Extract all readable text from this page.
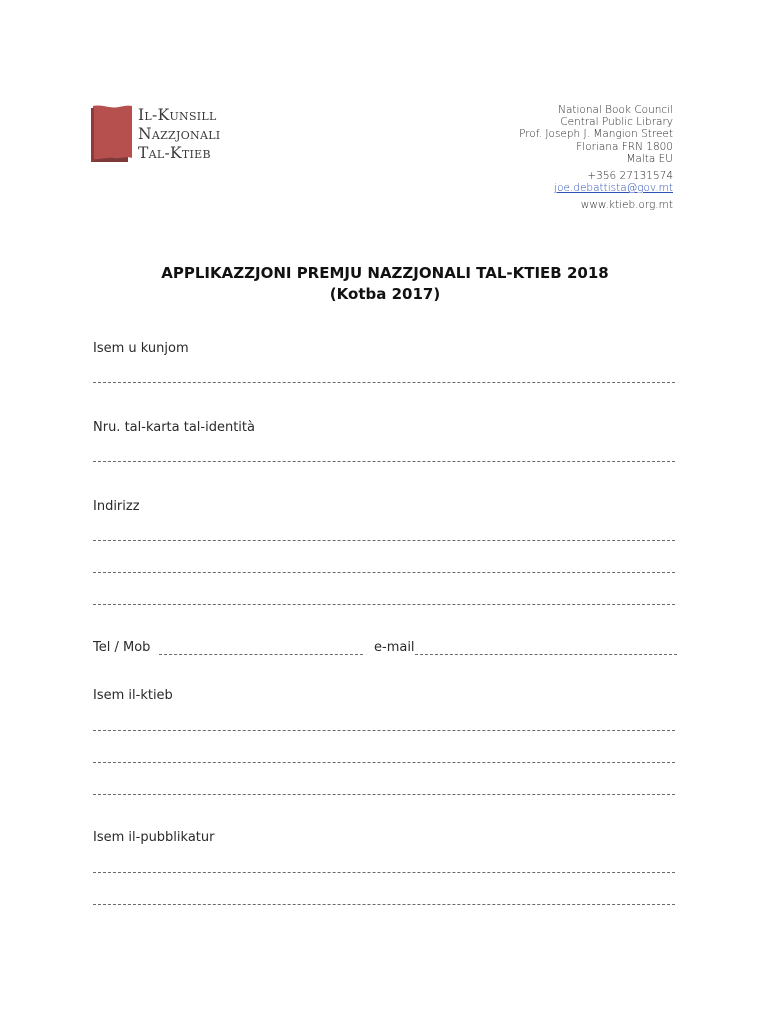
Il-Kunsill
Nazzjonali
Tal-Ktieb
National Book Council
Central Public Library
Prof. Joseph J. Mangion Street
Floriana FRN 1800
Malta EU
+356 27131574
joe.debattista@gov.mt
www.ktieb.org.mt
APPLIKAZZJONI PREMJU NAZZJONALI TAL-KTIEB 2018
(Kotba 2017)
Isem u kunjom
Nru. tal-karta tal-identità
Indirizz
Tel / Mob	e-mail
Isem il-ktieb
Isem il-pubblikatur
